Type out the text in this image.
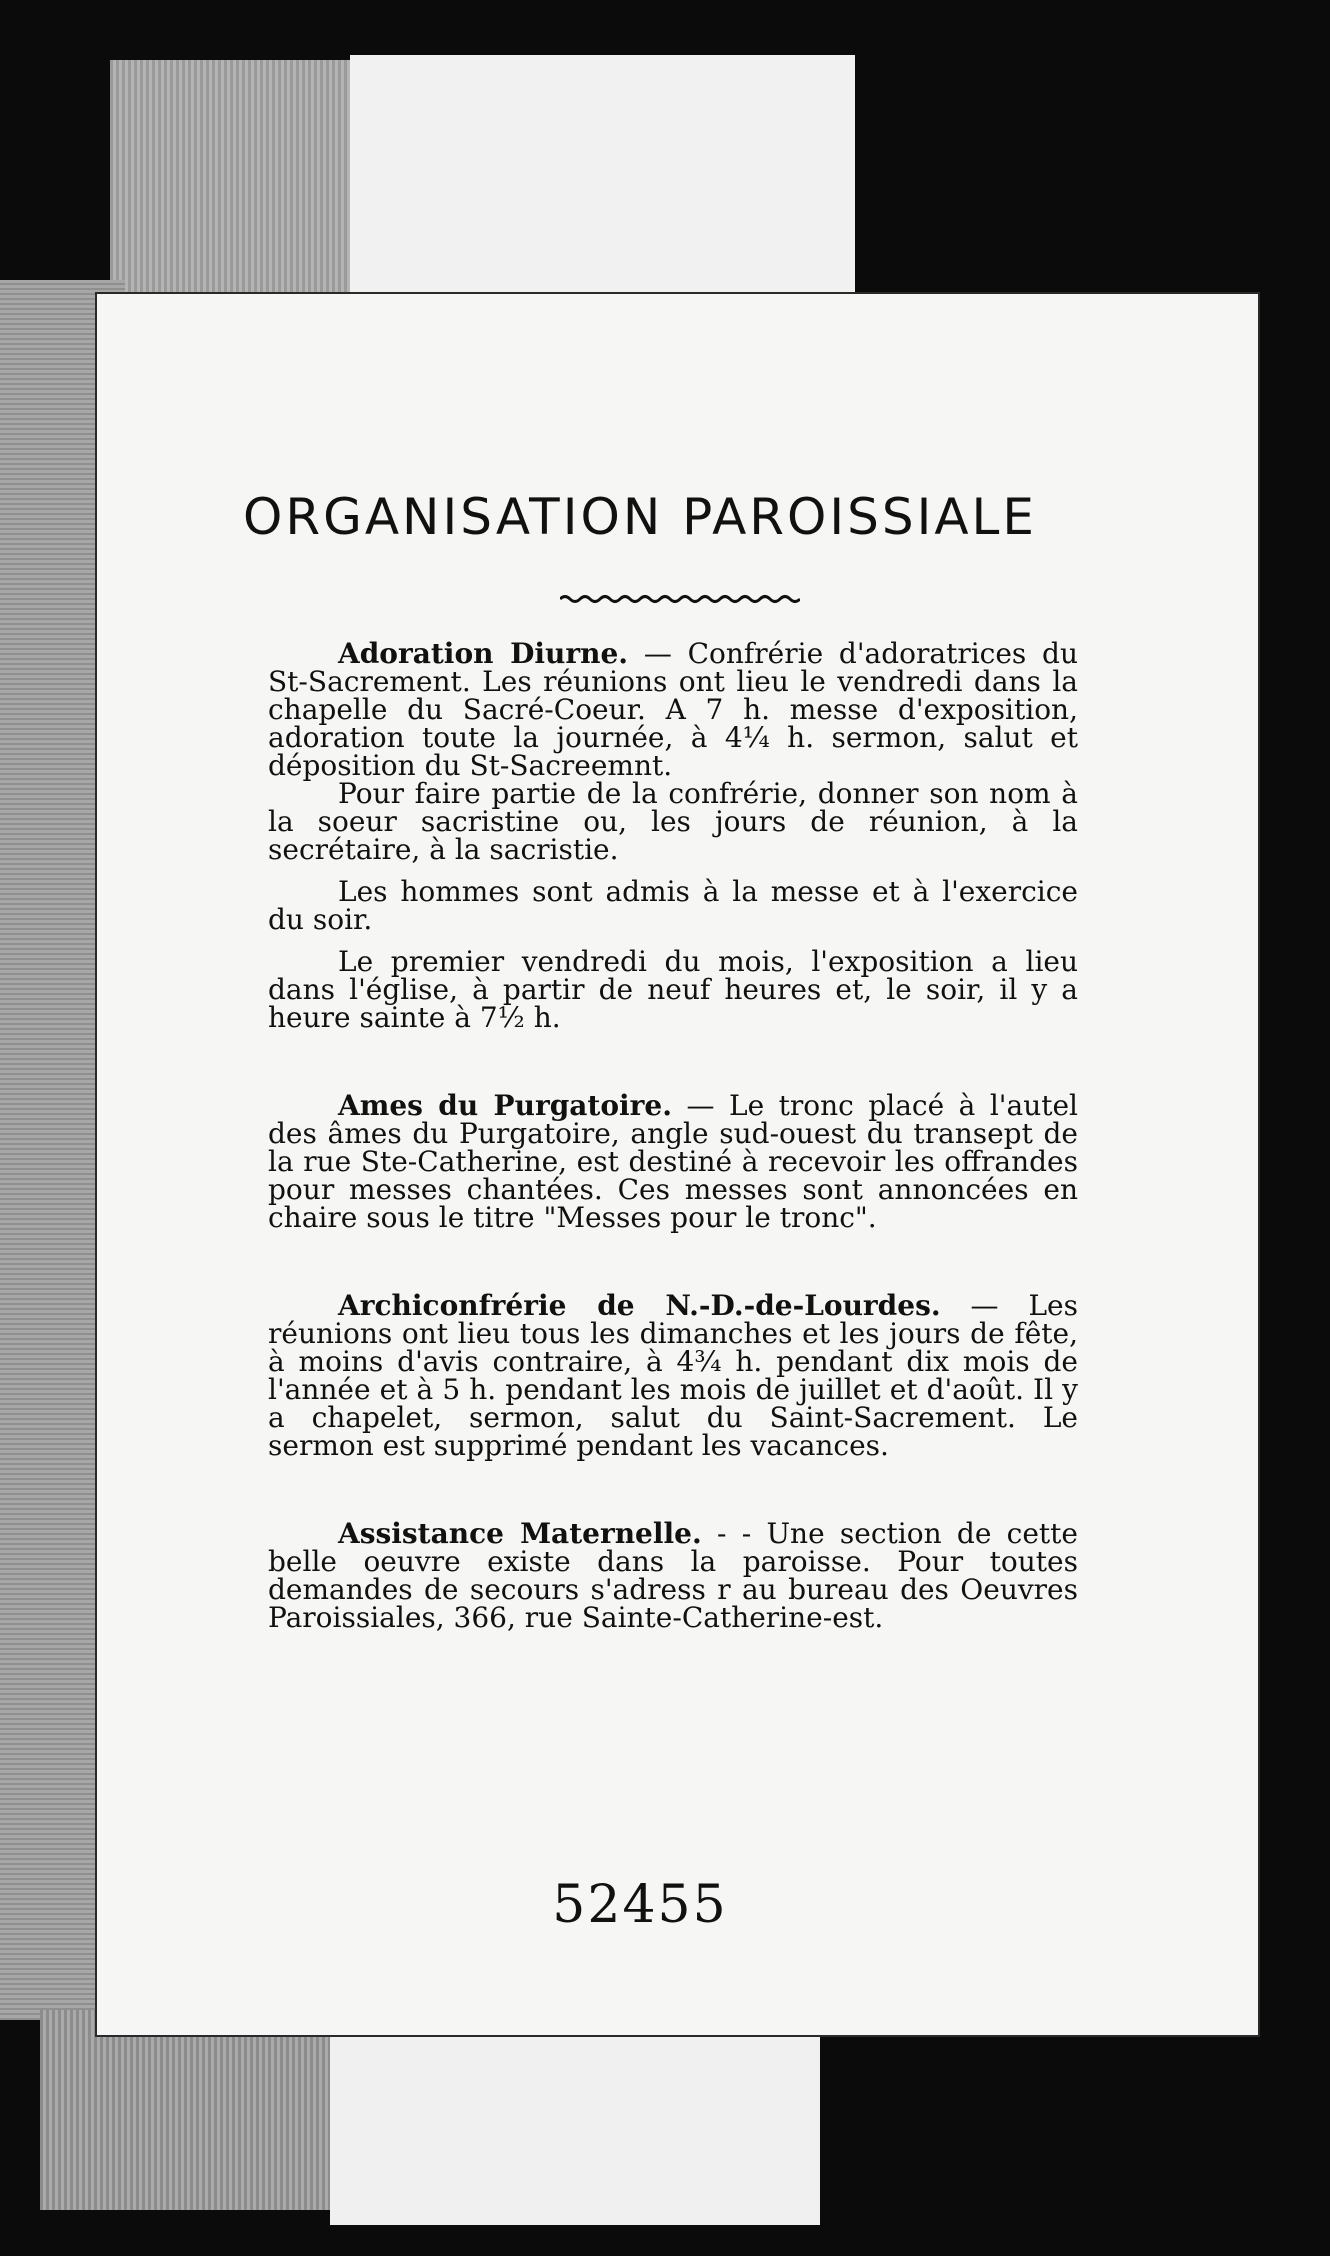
ORGANISATION PAROISSIALE

Adoration Diurne. — Confrérie d'adoratrices du St-Sacrement. Les réunions ont lieu le vendredi dans la chapelle du Sacré-Coeur. A 7 h. messe d'exposition, adoration toute la journée, à 4¼ h. sermon, salut et déposition du St-Sacreemnt.

Pour faire partie de la confrérie, donner son nom à la soeur sacristine ou, les jours de réunion, à la secrétaire, à la sacristie.

Les hommes sont admis à la messe et à l'exercice du soir.

Le premier vendredi du mois, l'exposition a lieu dans l'église, à partir de neuf heures et, le soir, il y a heure sainte à 7½ h.

Ames du Purgatoire. — Le tronc placé à l'autel des âmes du Purgatoire, angle sud-ouest du transept de la rue Ste-Catherine, est destiné à recevoir les offrandes pour messes chantées. Ces messes sont annoncées en chaire sous le titre "Messes pour le tronc".

Archiconfrérie de N.-D.-de-Lourdes. — Les réunions ont lieu tous les dimanches et les jours de fête, à moins d'avis contraire, à 4¾ h. pendant dix mois de l'année et à 5 h. pendant les mois de juillet et d'août. Il y a chapelet, sermon, salut du Saint-Sacrement. Le sermon est supprimé pendant les vacances.

Assistance Maternelle. - - Une section de cette belle oeuvre existe dans la paroisse. Pour toutes demandes de secours s'adress r au bureau des Oeuvres Paroissiales, 366, rue Sainte-Catherine-est.

52455
